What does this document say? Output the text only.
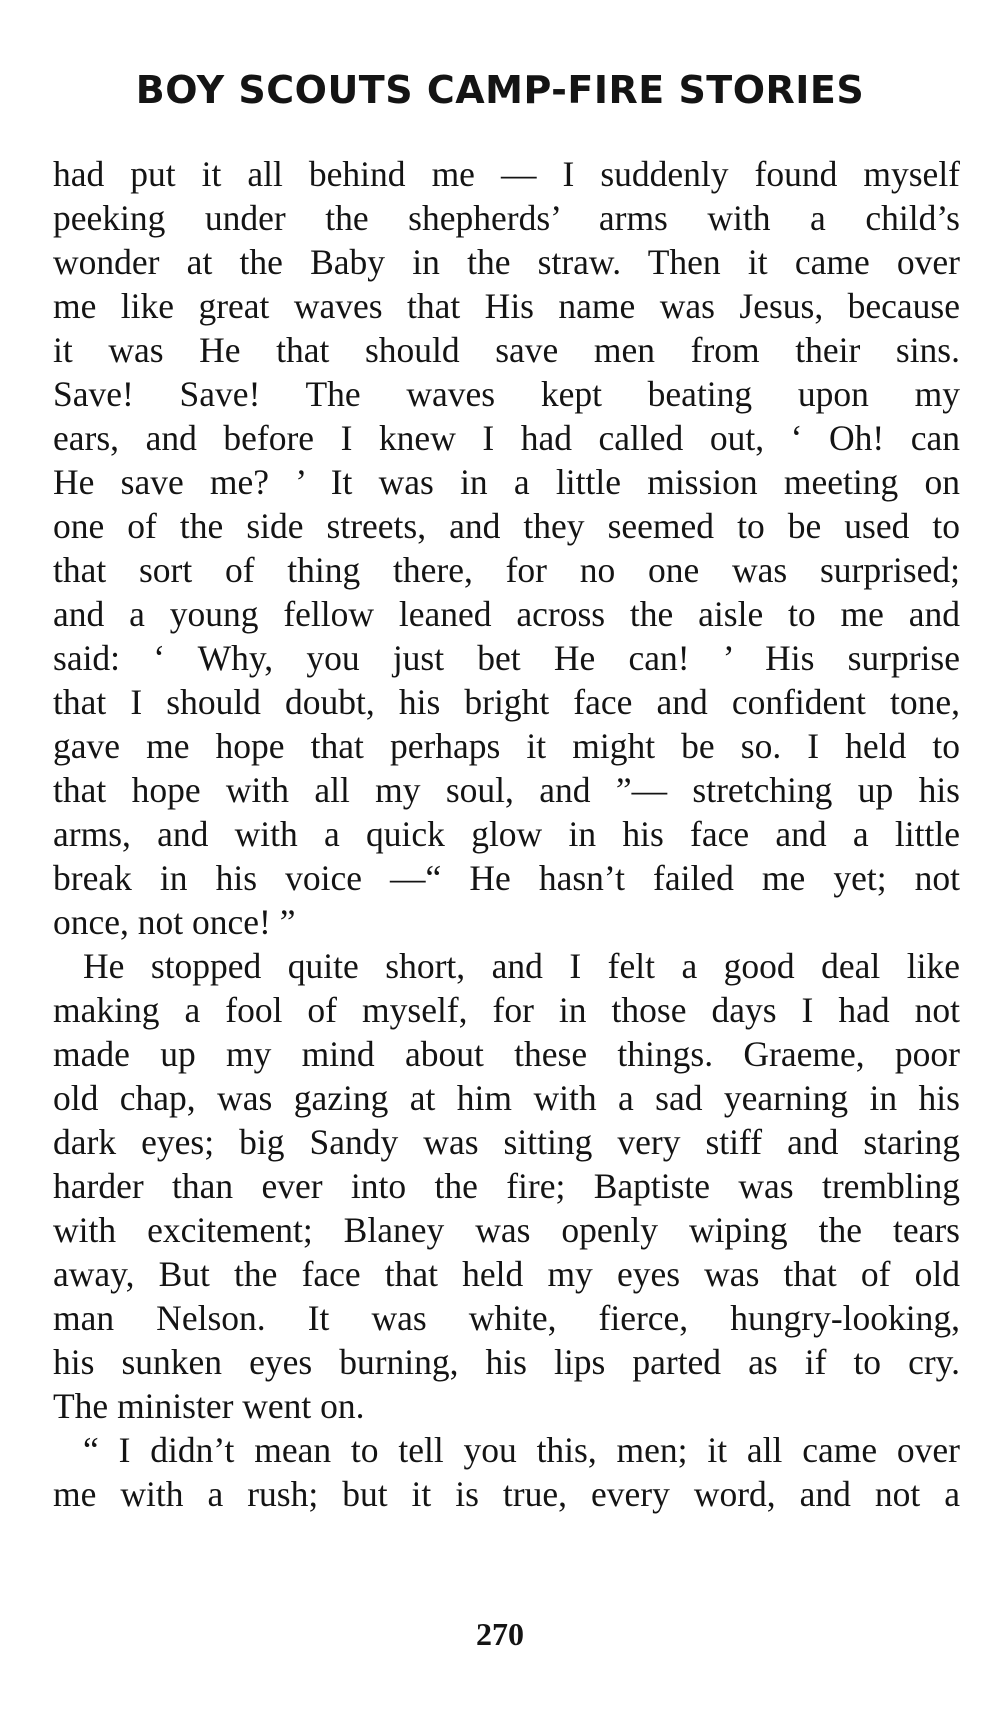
BOY SCOUTS CAMP-FIRE STORIES
had put it all behind me — I suddenly found myself
peeking under the shepherds’ arms with a child’s
wonder at the Baby in the straw. Then it came over
me like great waves that His name was Jesus, because
it was He that should save men from their sins.
Save! Save! The waves kept beating upon my
ears, and before I knew I had called out, ‘ Oh! can
He save me? ’ It was in a little mission meeting on
one of the side streets, and they seemed to be used to
that sort of thing there, for no one was surprised;
and a young fellow leaned across the aisle to me and
said: ‘ Why, you just bet He can! ’ His surprise
that I should doubt, his bright face and confident tone,
gave me hope that perhaps it might be so. I held to
that hope with all my soul, and ”— stretching up his
arms, and with a quick glow in his face and a little
break in his voice —“ He hasn’t failed me yet; not
once, not once! ”
He stopped quite short, and I felt a good deal like
making a fool of myself, for in those days I had not
made up my mind about these things. Graeme, poor
old chap, was gazing at him with a sad yearning in his
dark eyes; big Sandy was sitting very stiff and staring
harder than ever into the fire; Baptiste was trembling
with excitement; Blaney was openly wiping the tears
away, But the face that held my eyes was that of old
man Nelson. It was white, fierce, hungry-looking,
his sunken eyes burning, his lips parted as if to cry.
The minister went on.
“ I didn’t mean to tell you this, men; it all came over
me with a rush; but it is true, every word, and not a
270
